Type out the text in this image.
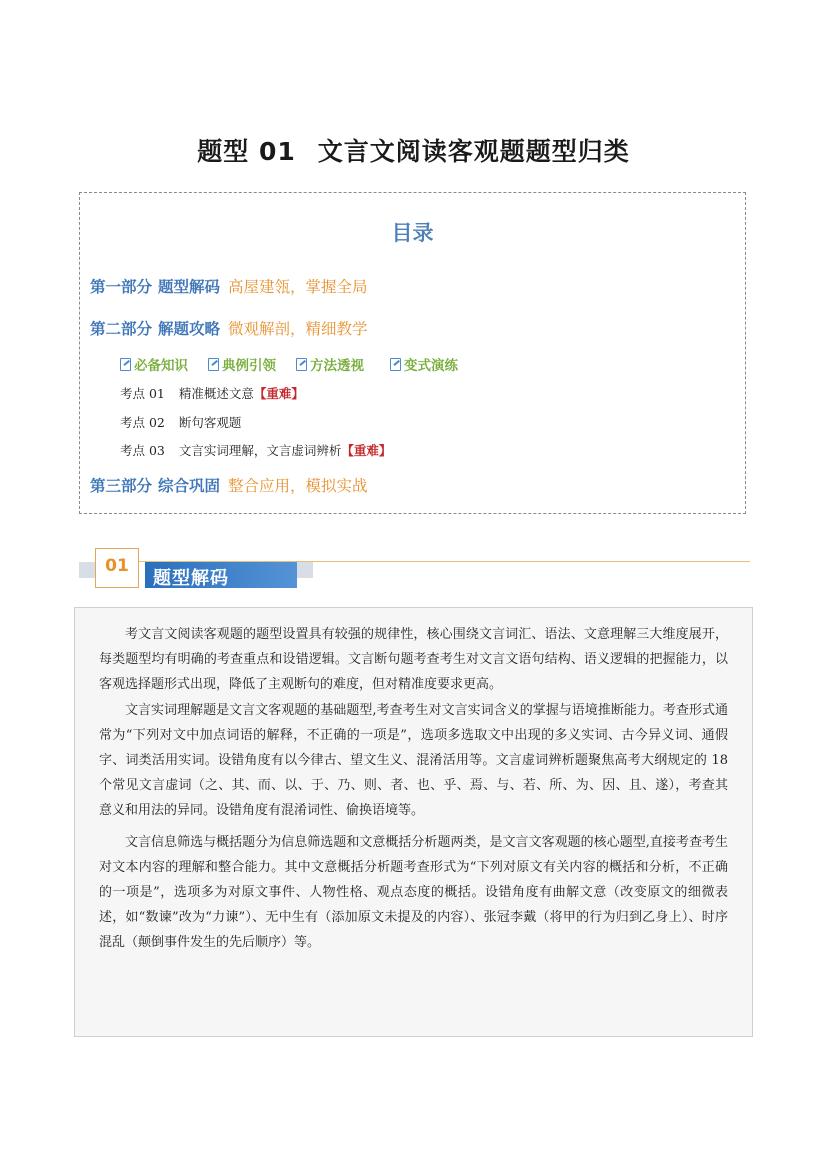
题型 01 文言文阅读客观题题型归类
目录
第一部分 题型解码 高屋建瓴，掌握全局
第二部分 解题攻略 微观解剖，精细教学
必备知识	典例引领	方法透视	变式演练
考点 01 精准概述文意【重难】
考点 02 断句客观题
考点 03 文言实词理解，文言虚词辨析【重难】
第三部分 综合巩固 整合应用，模拟实战
01
题型解码

考文言文阅读客观题的题型设置具有较强的规律性，核心围绕文言词汇、语法、文意理解三大维度展开，每类题型均有明确的考查重点和设错逻辑。文言断句题考查考生对文言文语句结构、语义逻辑的把握能力，以客观选择题形式出现，降低了主观断句的难度，但对精准度要求更高。

文言实词理解题是文言文客观题的基础题型,考查考生对文言实词含义的掌握与语境推断能力。考查形式通常为“下列对文中加点词语的解释，不正确的一项是”，选项多选取文中出现的多义实词、古今异义词、通假字、词类活用实词。设错角度有以今律古、望文生义、混淆活用等。文言虚词辨析题聚焦高考大纲规定的 18 个常见文言虚词（之、其、而、以、于、乃、则、者、也、乎、焉、与、若、所、为、因、且、遂），考查其意义和用法的异同。设错角度有混淆词性、偷换语境等。

文言信息筛选与概括题分为信息筛选题和文意概括分析题两类，是文言文客观题的核心题型,直接考查考生对文本内容的理解和整合能力。其中文意概括分析题考查形式为“下列对原文有关内容的概括和分析，不正确的一项是”，选项多为对原文事件、人物性格、观点态度的概括。设错角度有曲解文意（改变原文的细微表述，如“数谏”改为“力谏”）、无中生有（添加原文未提及的内容）、张冠李戴（将甲的行为归到乙身上）、时序混乱（颠倒事件发生的先后顺序）等。
